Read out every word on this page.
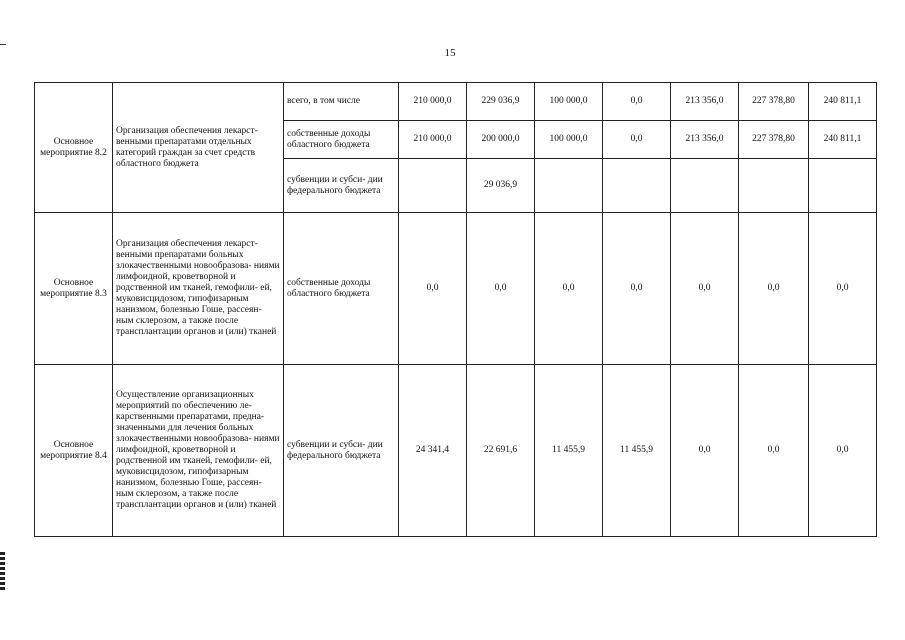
15
Основное мероприятие 8.2	Организация обеспечения лекарст- венными препаратами отдельных категорий граждан за счет средств областного бюджета	всего, в том числе	210 000,0	229 036,9	100 000,0	0,0	213 356,0	227 378,80	240 811,1
		собственные доходы областного бюджета	210 000,0	200 000,0	100 000,0	0,0	213 356,0	227 378,80	240 811,1
		субвенции и субси- дии федерального бюджета		29 036,9					
Основное мероприятие 8.3	Организация обеспечения лекарст- венными препаратами больных злокачественными новообразова- ниями лимфоидной, кроветворной и родственной им тканей, гемофили- ей, муковисцидозом, гипофизарным нанизмом, болезнью Гоше, рассеян- ным склерозом, а также после трансплантации органов и (или) тканей	собственные доходы областного бюджета	0,0	0,0	0,0	0,0	0,0	0,0	0,0
Основное мероприятие 8.4	Осуществление организационных мероприятий по обеспечению ле- карственными препаратами, предна- значенными для лечения больных злокачественными новообразова- ниями лимфоидной, кроветворной и родственной им тканей, гемофили- ей, муковисцидозом, гипофизарным нанизмом, болезнью Гоше, рассеян- ным склерозом, а также после трансплантации органов и (или) тканей	субвенции и субси- дии федерального бюджета	24 341,4	22 691,6	11 455,9	11 455,9	0,0	0,0	0,0
